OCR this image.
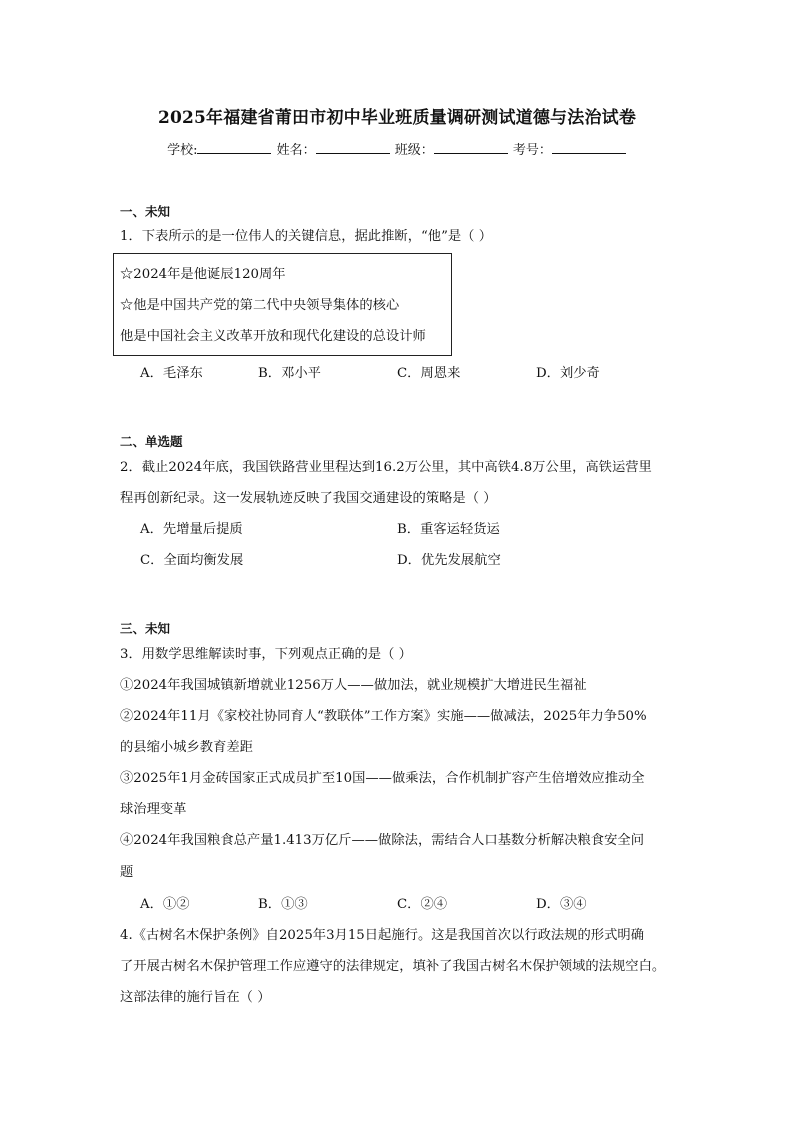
2025年福建省莆田市初中毕业班质量调研测试道德与法治试卷
学校:	姓名：	班级：	考号：
一、未知
1．下表所示的是一位伟人的关键信息，据此推断，“他”是（ ）
☆2024年是他诞辰120周年
☆他是中国共产党的第二代中央领导集体的核心
他是中国社会主义改革开放和现代化建设的总设计师
A．毛泽东	B．邓小平	C．周恩来	D．刘少奇
二、单选题
2．截止2024年底，我国铁路营业里程达到16.2万公里，其中高铁4.8万公里，高铁运营里
程再创新纪录。这一发展轨迹反映了我国交通建设的策略是（ ）
A．先增量后提质	B．重客运轻货运
C．全面均衡发展	D．优先发展航空
三、未知
3．用数学思维解读时事，下列观点正确的是（ ）
①2024年我国城镇新增就业1256万人——做加法，就业规模扩大增进民生福祉
②2024年11月《家校社协同育人“教联体”工作方案》实施——做减法，2025年力争50%
的县缩小城乡教育差距
③2025年1月金砖国家正式成员扩至10国——做乘法，合作机制扩容产生倍增效应推动全
球治理变革
④2024年我国粮食总产量1.413万亿斤——做除法，需结合人口基数分析解决粮食安全问
题
A．①②	B．①③	C．②④	D．③④
4.《古树名木保护条例》自2025年3月15日起施行。这是我国首次以行政法规的形式明确
了开展古树名木保护管理工作应遵守的法律规定，填补了我国古树名木保护领域的法规空白。
这部法律的施行旨在（ ）
